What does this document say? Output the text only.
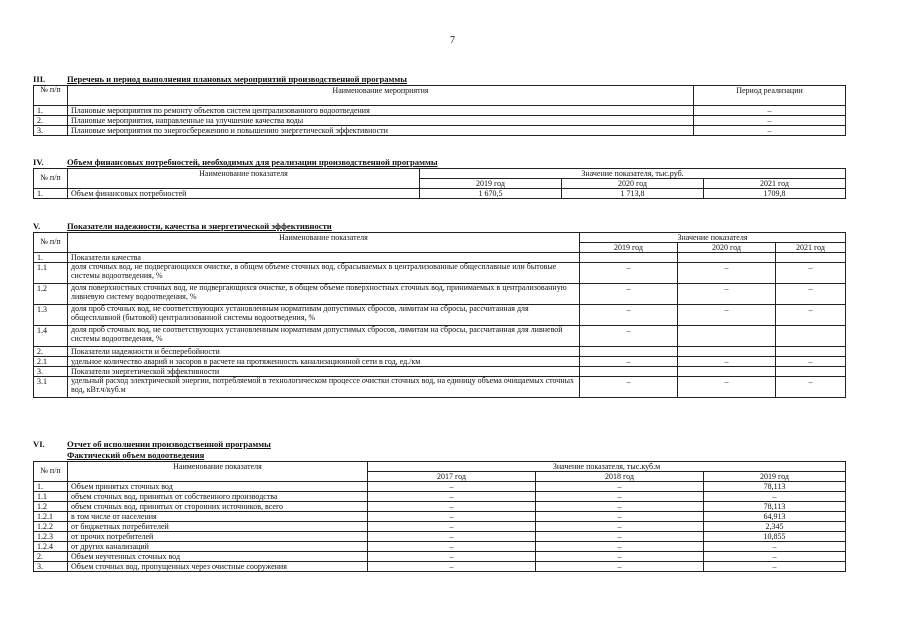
7
III.	Перечень и период выполнения плановых мероприятий производственной программы
№ п/п	Наименование мероприятия	Период реализации
1.	Плановые мероприятия по ремонту объектов систем централизованного водоотведения	–
2.	Плановые мероприятия, направленные на улучшение качества воды	–
3.	Плановые мероприятия по энергосбережению и повышению энергетической эффективности	–
IV.	Объем финансовых потребностей, необходимых для реализации производственной программы
№ п/п	Наименование показателя	Значение показателя, тыс.руб.		
		2019 год	2020 год	2021 год
1.	Объем финансовых потребностей	1 670,5	1 713,8	1709,8
V.	Показатели надежности, качества и энергетической эффективности
№ п/п	Наименование показателя	Значение показателя		
		2019 год	2020 год	2021 год
1.	Показатели качества			
1.1	доля сточных вод, не подвергающихся очистке, в общем объеме сточных вод, сбрасываемых в централизованные общесплавные или бытовые системы водоотведения, %	–	–	–
1.2	доля поверхностных сточных вод, не подвергающихся очистке, в общем объеме поверхностных сточных вод, принимаемых в централизованную ливневую систему водоотведения, %	–	–	–
1.3	доля проб сточных вод, не соответствующих установленным нормативам допустимых сбросов, лимитам на сбросы, рассчитанная для общесплавной (бытовой) централизованной системы водоотведения, %	–	–	–
1.4	доля проб сточных вод, не соответствующих установленным нормативам допустимых сбросов, лимитам на сбросы, рассчитанная для ливневой системы водоотведения, %	–		
2.	Показатели надежности и бесперебойности			
2.1	удельное количество аварий и засоров в расчете на протяженность канализационной сети в год, ед./км	–	–	–
3.	Показатели энергетической эффективности			
3.1	удельный расход электрической энергии, потребляемой в технологическом процессе очистки сточных вод, на единицу объема очищаемых сточных вод, кВт.ч/куб.м	–	–	–
VI.	Отчет об исполнении производственной программы
Фактический объем водоотведения
№ п/п	Наименование показателя	Значение показателя, тыс.куб.м		
		2017 год	2018 год	2019 год
1.	Объем принятых сточных вод	–	–	78,113
1.1	объем сточных вод, принятых от собственного производства	–	–	–
1.2	объем сточных вод, принятых от сторонних источников, всего	–	–	78,113
1.2.1	в том числе от населения	–	–	64,913
1.2.2	от бюджетных потребителей	–	–	2,345
1.2.3	от прочих потребителей	–	–	10,855
1.2.4	от других канализаций	–	–	–
2.	Объем неучтенных сточных вод	–	–	–
3.	Объем сточных вод, пропущенных через очистные сооружения	–	–	–
